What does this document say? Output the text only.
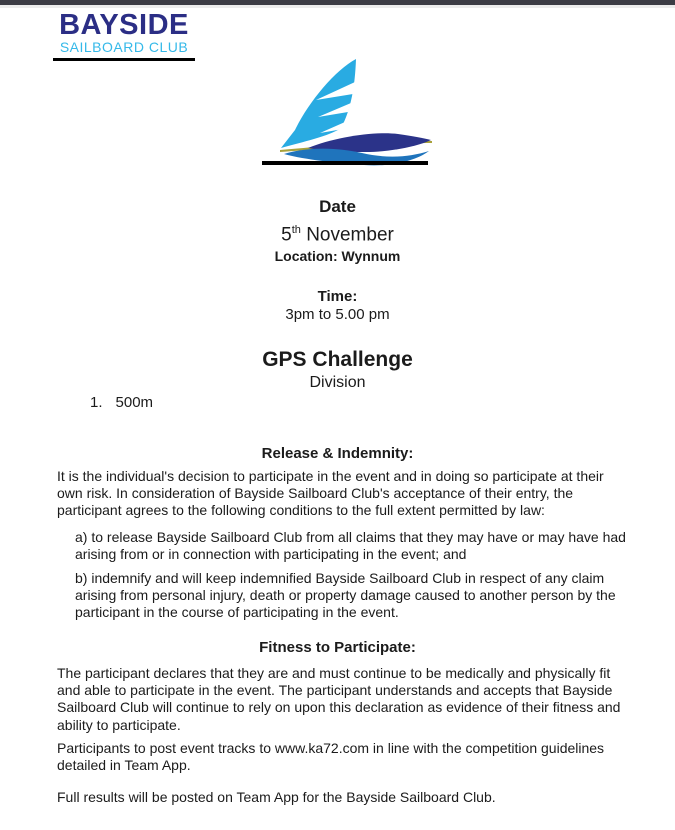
BAYSIDE
SAILBOARD CLUB
Date
5th November
Location: Wynnum
Time:
3pm to 5.00 pm
GPS Challenge
Division
1. 500m
Release & Indemnity:
It is the individual's decision to participate in the event and in doing so participate at their own risk. In consideration of Bayside Sailboard Club's acceptance of their entry, the participant agrees to the following conditions to the full extent permitted by law:
a) to release Bayside Sailboard Club from all claims that they may have or may have had arising from or in connection with participating in the event; and
b) indemnify and will keep indemnified Bayside Sailboard Club in respect of any claim arising from personal injury, death or property damage caused to another person by the participant in the course of participating in the event.
Fitness to Participate:
The participant declares that they are and must continue to be medically and physically fit and able to participate in the event. The participant understands and accepts that Bayside Sailboard Club will continue to rely on upon this declaration as evidence of their fitness and ability to participate.
Participants to post event tracks to www.ka72.com in line with the competition guidelines detailed in Team App.
Full results will be posted on Team App for the Bayside Sailboard Club.
